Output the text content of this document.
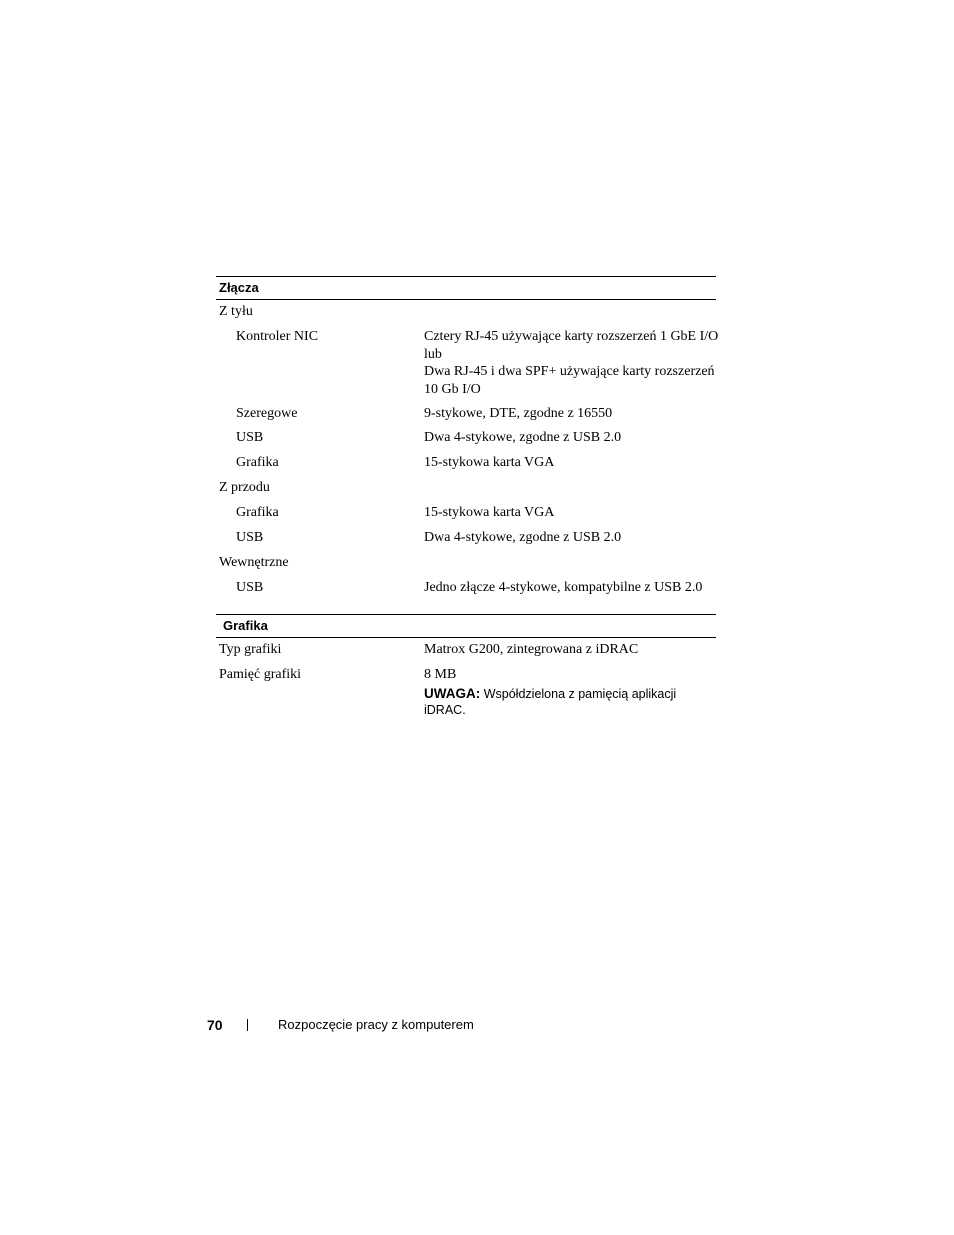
Złącza
Z tyłu
Kontroler NIC	Cztery RJ-45 używające karty rozszerzeń 1 GbE I/O
lub
Dwa RJ-45 i dwa SPF+ używające karty rozszerzeń
10 Gb I/O
Szeregowe	9-stykowe, DTE, zgodne z 16550
USB	Dwa 4-stykowe, zgodne z USB 2.0
Grafika	15-stykowa karta VGA
Z przodu
Grafika	15-stykowa karta VGA
USB	Dwa 4-stykowe, zgodne z USB 2.0
Wewnętrzne
USB	Jedno złącze 4-stykowe, kompatybilne z USB 2.0
Grafika
Typ grafiki	Matrox G200, zintegrowana z iDRAC
Pamięć grafiki	8 MB
UWAGA: Współdzielona z pamięcią aplikacji
iDRAC.
70	Rozpoczęcie pracy z komputerem
